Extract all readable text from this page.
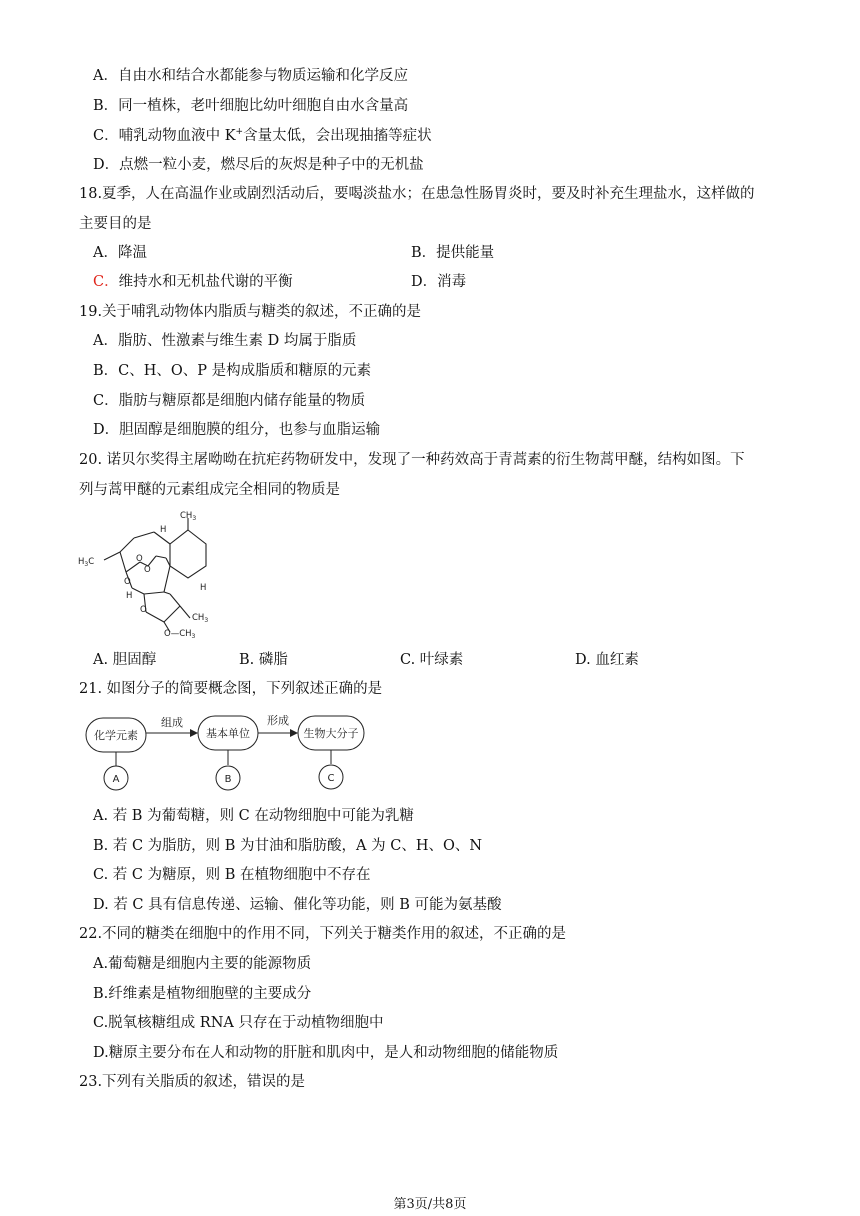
A．自由水和结合水都能参与物质运输和化学反应
B．同一植株，老叶细胞比幼叶细胞自由水含量高
C．哺乳动物血液中 K+含量太低，会出现抽搐等症状
D．点燃一粒小麦，燃尽后的灰烬是种子中的无机盐
18.夏季，人在高温作业或剧烈活动后，要喝淡盐水；在患急性肠胃炎时，要及时补充生理盐水，这样做的
主要目的是
A．降温	B．提供能量
C．维持水和无机盐代谢的平衡	D．消毒
19.关于哺乳动物体内脂质与糖类的叙述，不正确的是
A．脂肪、性激素与维生素 D 均属于脂质
B．C、H、O、P 是构成脂质和糖原的元素
C．脂肪与糖原都是细胞内储存能量的物质
D．胆固醇是细胞膜的组分，也参与血脂运输
20. 诺贝尔奖得主屠呦呦在抗疟药物研发中，发现了一种药效高于青蒿素的衍生物蒿甲醚，结构如图。下
列与蒿甲醚的元素组成完全相同的物质是
$CH_3$
$H_3C$	O
O
O
O
H
H
H
$CH_3$
$O—CH_3$
A. 胆固醇	B. 磷脂	C. 叶绿素	D. 血红素
21. 如图分子的简要概念图，下列叙述正确的是
化学元素	基本单位	生物大分子
组成	形成
A	B	C
A. 若 B 为葡萄糖，则 C 在动物细胞中可能为乳糖
B. 若 C 为脂肪，则 B 为甘油和脂肪酸，A 为 C、H、O、N
C. 若 C 为糖原，则 B 在植物细胞中不存在
D. 若 C 具有信息传递、运输、催化等功能，则 B 可能为氨基酸
22.不同的糖类在细胞中的作用不同，下列关于糖类作用的叙述，不正确的是
A.葡萄糖是细胞内主要的能源物质
B.纤维素是植物细胞壁的主要成分
C.脱氧核糖组成 RNA 只存在于动植物细胞中
D.糖原主要分布在人和动物的肝脏和肌肉中，是人和动物细胞的储能物质
23.下列有关脂质的叙述，错误的是
第3页/共8页
